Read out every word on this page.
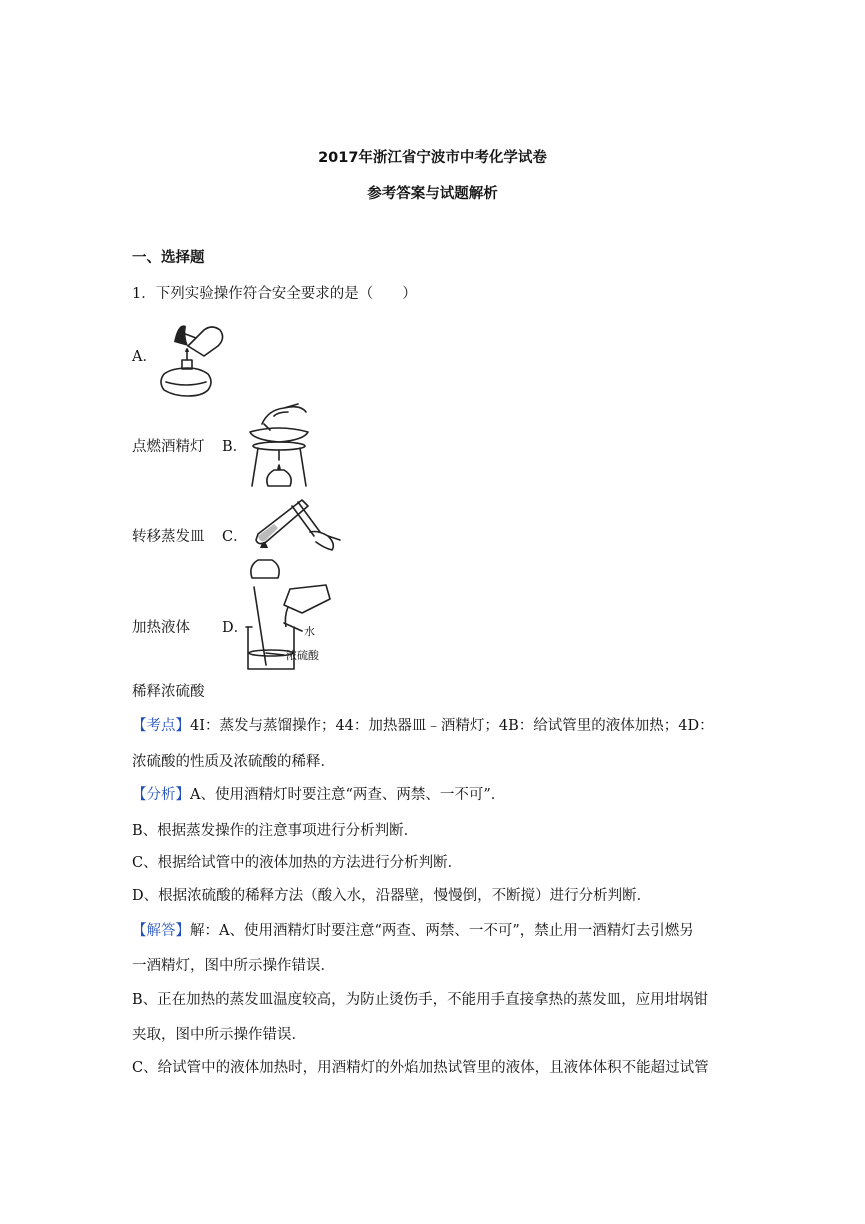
2017年浙江省宁波市中考化学试卷
参考答案与试题解析
一、选择题
1．下列实验操作符合安全要求的是（　　）
A．
点燃酒精灯 B．
转移蒸发皿 C．
加热液体 D．	水
浓硫酸
稀释浓硫酸
【考点】4I：蒸发与蒸馏操作；44：加热器皿﹣酒精灯；4B：给试管里的液体加热；4D：
浓硫酸的性质及浓硫酸的稀释．
【分析】A、使用酒精灯时要注意“两查、两禁、一不可”．
B、根据蒸发操作的注意事项进行分析判断．
C、根据给试管中的液体加热的方法进行分析判断．
D、根据浓硫酸的稀释方法（酸入水，沿器壁，慢慢倒，不断搅）进行分析判断．
【解答】解：A、使用酒精灯时要注意“两查、两禁、一不可”，禁止用一酒精灯去引燃另
一酒精灯，图中所示操作错误．
B、正在加热的蒸发皿温度较高，为防止烫伤手，不能用手直接拿热的蒸发皿，应用坩埚钳
夹取，图中所示操作错误．
C、给试管中的液体加热时，用酒精灯的外焰加热试管里的液体，且液体体积不能超过试管
